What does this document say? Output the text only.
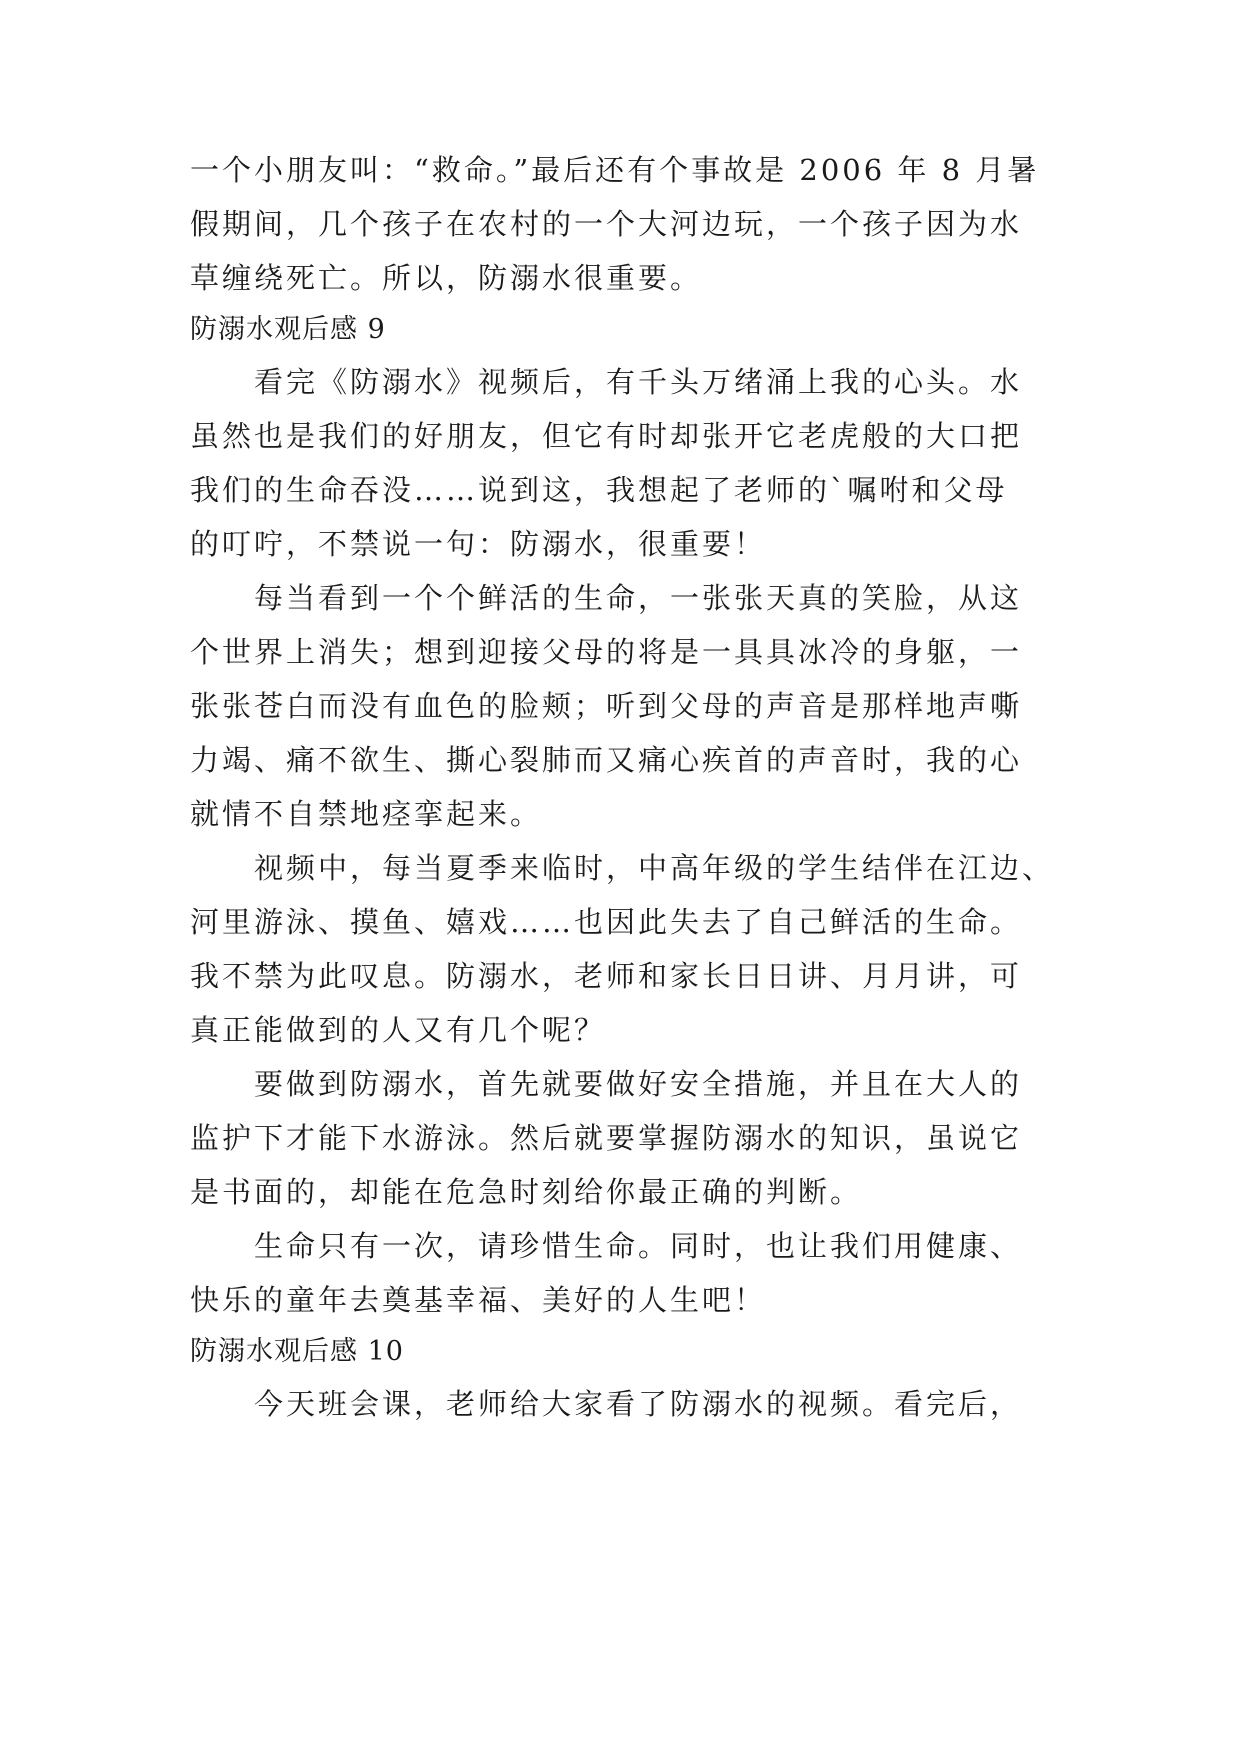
一个小朋友叫：“救命。”最后还有个事故是 2006 年 8 月暑
假期间，几个孩子在农村的一个大河边玩，一个孩子因为水
草缠绕死亡。所以，防溺水很重要。
防溺水观后感 9
看完《防溺水》视频后，有千头万绪涌上我的心头。水
虽然也是我们的好朋友，但它有时却张开它老虎般的大口把
我们的生命吞没……说到这，我想起了老师的`嘱咐和父母
的叮咛，不禁说一句：防溺水，很重要！
每当看到一个个鲜活的生命，一张张天真的笑脸，从这
个世界上消失；想到迎接父母的将是一具具冰冷的身躯，一
张张苍白而没有血色的脸颊；听到父母的声音是那样地声嘶
力竭、痛不欲生、撕心裂肺而又痛心疾首的声音时，我的心
就情不自禁地痉挛起来。
视频中，每当夏季来临时，中高年级的学生结伴在江边、
河里游泳、摸鱼、嬉戏……也因此失去了自己鲜活的生命。
我不禁为此叹息。防溺水，老师和家长日日讲、月月讲，可
真正能做到的人又有几个呢？
要做到防溺水，首先就要做好安全措施，并且在大人的
监护下才能下水游泳。然后就要掌握防溺水的知识，虽说它
是书面的，却能在危急时刻给你最正确的判断。
生命只有一次，请珍惜生命。同时，也让我们用健康、
快乐的童年去奠基幸福、美好的人生吧！
防溺水观后感 10
今天班会课，老师给大家看了防溺水的视频。看完后，
